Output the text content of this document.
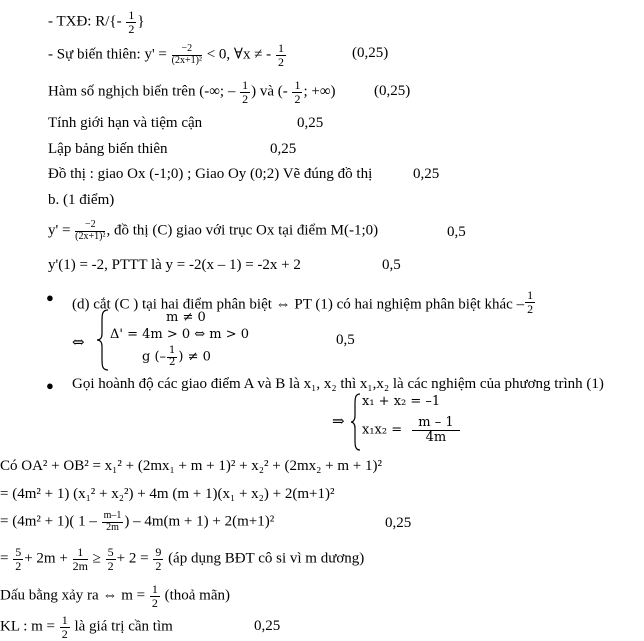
- TXĐ: $R/\{- \frac{1}{2}$ }
- Sự biến thiên: $y' = \frac{-2}{\text{(2x+1)²}} < 0$, ∀x ≠ - $\frac{1}{2}$	(0,25)
Hàm số nghịch biến trên (-∞; – $\frac{1}{2}$ ) và (- $\frac{1}{2}$ ; +∞)	(0,25)
Tính giới hạn và tiệm cận	0,25
Lập bảng biến thiên	0,25
Đồ thị : giao Ox (-1;0) ; Giao Oy (0;2) Vẽ đúng đồ thị	0,25
b. (1 điểm)
$y' = \frac{-2}{\text{(2x+1)²}}$ , đồ thị (C) giao với trục Ox tại điểm M(-1;0)	0,5
y'(1) = -2, PTTT là y = -2(x – 1) = -2x + 2	0,5
● (d) cắt (C ) tại hai điểm phân biệt ⇔ PT (1) có hai nghiệm phân biệt khác – $\frac{1}{2}$
⇔
m ≠ 0
Δ' = 4m > 0 ⇔ m > 0
g (– $\frac{1}{2}$ ) ≠ 0
0,5
● Gọi hoành độ các giao điểm A và B là x₁, x₂ thì x₁,x₂ là các nghiệm của phương trình (1)
⇒
x₁ + x₂ = –1
$x_1x_2 = \frac{m - 1}{4m}$
Có OA² + OB² = x₁² + (2mx₁ + m + 1)² + x₂² + (2mx₂ + m + 1)²
= (4m² + 1) (x₁² + x₂²) + 4m (m + 1)(x₁ + x₂) + 2(m+1)²
= (4m² + 1)( $1 - \frac{m-1}{2m}$ ) – 4m(m + 1) + 2(m+1)²	0,25
= $\frac{5}{2} + 2m + \frac{1}{2m} \ge \frac{5}{2} + 2 = \frac{9}{2}$ (áp dụng BĐT cô si vì m dương)
Dấu bằng xảy ra ⇔ $m = \frac{1}{2}$ (thoả mãn)
KL : $m = \frac{1}{2}$ là giá trị cần tìm	0,25
